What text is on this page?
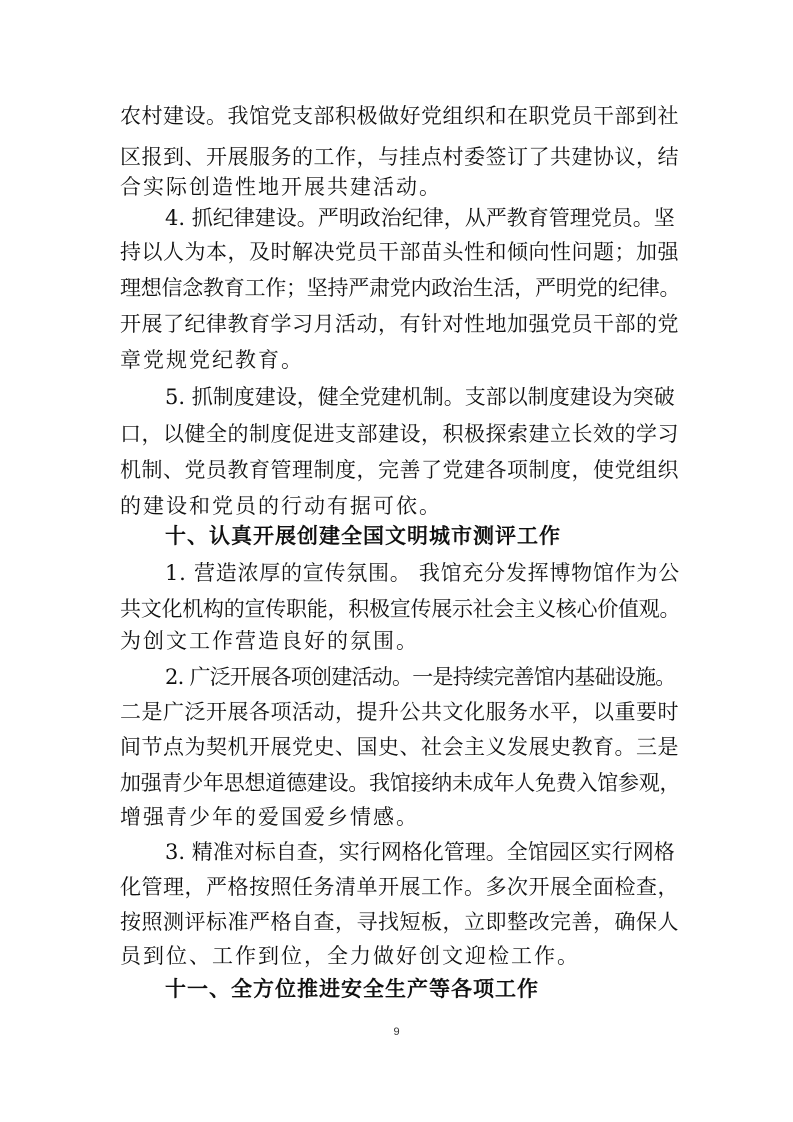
农村建设。我馆党支部积极做好党组织和在职党员干部到社

区报到、开展服务的工作，与挂点村委签订了共建协议，结

合实际创造性地开展共建活动。

4. 抓纪律建设。严明政治纪律，从严教育管理党员。坚

持以人为本，及时解决党员干部苗头性和倾向性问题；加强

理想信念教育工作；坚持严肃党内政治生活，严明党的纪律。

开展了纪律教育学习月活动，有针对性地加强党员干部的党

章党规党纪教育。

5. 抓制度建设，健全党建机制。支部以制度建设为突破

口，以健全的制度促进支部建设，积极探索建立长效的学习

机制、党员教育管理制度，完善了党建各项制度，使党组织

的建设和党员的行动有据可依。

十、认真开展创建全国文明城市测评工作

1. 营造浓厚的宣传氛围。 我馆充分发挥博物馆作为公

共文化机构的宣传职能，积极宣传展示社会主义核心价值观。

为创文工作营造良好的氛围。

2. 广泛开展各项创建活动。一是持续完善馆内基础设施。

二是广泛开展各项活动，提升公共文化服务水平，以重要时

间节点为契机开展党史、国史、社会主义发展史教育。三是

加强青少年思想道德建设。我馆接纳未成年人免费入馆参观，

增强青少年的爱国爱乡情感。

3. 精准对标自查，实行网格化管理。全馆园区实行网格

化管理，严格按照任务清单开展工作。多次开展全面检查，

按照测评标准严格自查，寻找短板，立即整改完善，确保人

员到位、工作到位，全力做好创文迎检工作。

十一、全方位推进安全生产等各项工作
9
